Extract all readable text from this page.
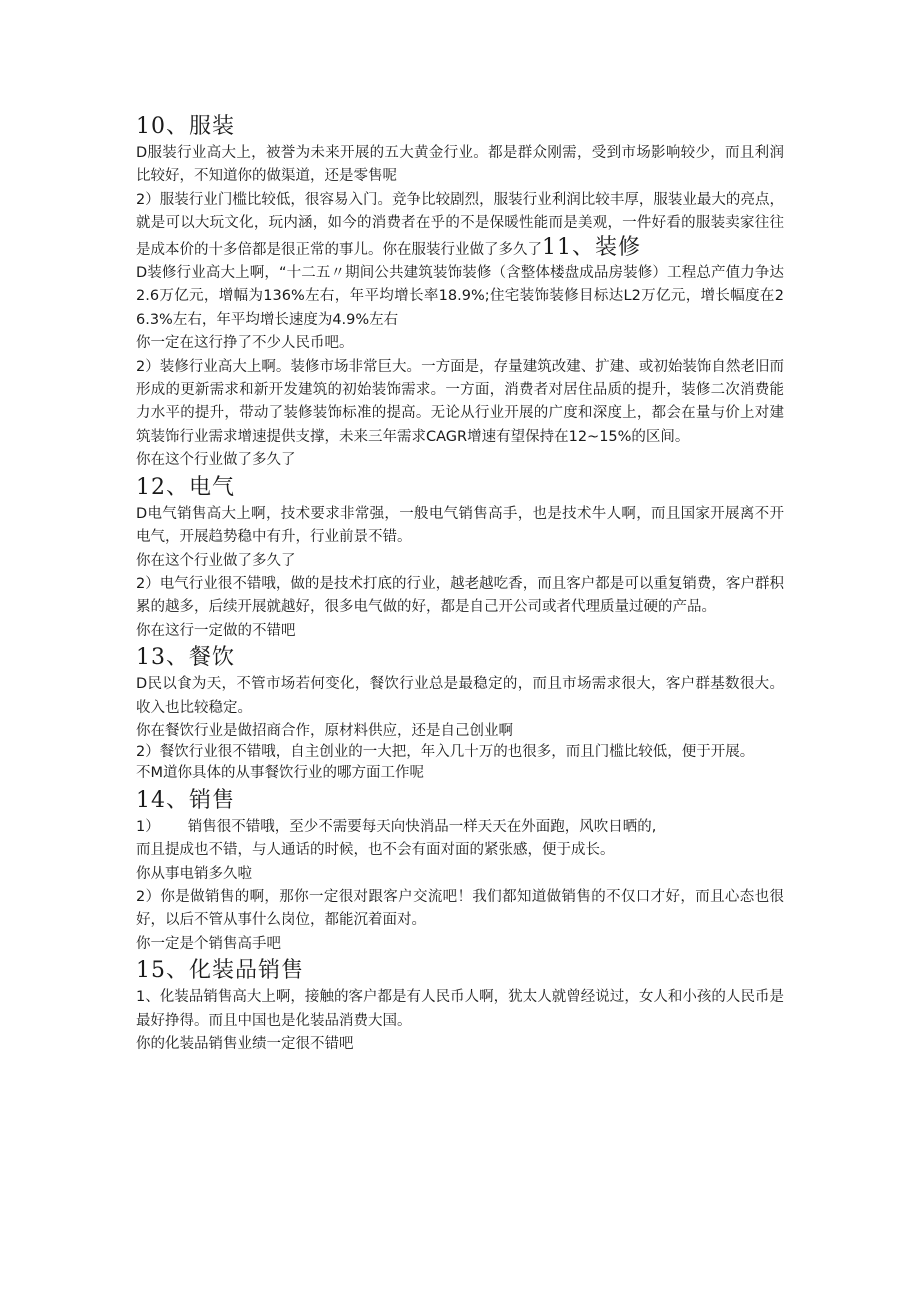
10、服装

D服装行业高大上，被誉为未来开展的五大黄金行业。都是群众刚需，受到市场影响较少，而且利润比较好，不知道你的做渠道，还是零售呢

2）服装行业门槛比较低，很容易入门。竞争比较剧烈，服装行业利润比较丰厚，服装业最大的亮点，就是可以大玩文化，玩内涵，如今的消费者在乎的不是保暖性能而是美观，一件好看的服装卖家往往是成本价的十多倍都是很正常的事儿。你在服装行业做了多久了11、装修

D装修行业高大上啊，“十二五〃期间公共建筑装饰装修（含整体楼盘成品房装修）工程总产值力争达2.6万亿元，增幅为136%左右，年平均增长率18.9%;住宅装饰装修目标达L2万亿元，增长幅度在26.3%左右，年平均增长速度为4.9%左右

你一定在这行挣了不少人民币吧。

2）装修行业高大上啊。装修市场非常巨大。一方面是，存量建筑改建、扩建、或初始装饰自然老旧而形成的更新需求和新开发建筑的初始装饰需求。一方面，消费者对居住品质的提升，装修二次消费能力水平的提升，带动了装修装饰标准的提高。无论从行业开展的广度和深度上，都会在量与价上对建筑装饰行业需求增速提供支撑，未来三年需求CAGR增速有望保持在12~15%的区间。

你在这个行业做了多久了

12、电气

D电气销售高大上啊，技术要求非常强，一般电气销售高手，也是技术牛人啊，而且国家开展离不开电气，开展趋势稳中有升，行业前景不错。

你在这个行业做了多久了

2）电气行业很不错哦，做的是技术打底的行业，越老越吃香，而且客户都是可以重复销费，客户群积累的越多，后续开展就越好，很多电气做的好，都是自己开公司或者代理质量过硬的产品。

你在这行一定做的不错吧

13、餐饮

D民以食为天，不管市场若何变化，餐饮行业总是最稳定的，而且市场需求很大，客户群基数很大。收入也比较稳定。

你在餐饮行业是做招商合作，原材料供应，还是自己创业啊

2）餐饮行业很不错哦，自主创业的一大把，年入几十万的也很多，而且门槛比较低，便于开展。

不M道你具体的从事餐饮行业的哪方面工作呢

14、销售

1） 销售很不错哦，至少不需要每天向快消品一样天天在外面跑，风吹日晒的,

而且提成也不错，与人通话的时候，也不会有面对面的紧张感，便于成长。

你从事电销多久啦

2）你是做销售的啊，那你一定很对跟客户交流吧！我们都知道做销售的不仅口才好，而且心态也很好，以后不管从事什么岗位，都能沉着面对。

你一定是个销售高手吧

15、化装品销售

1、化装品销售高大上啊，接触的客户都是有人民币人啊，犹太人就曾经说过，女人和小孩的人民币是最好挣得。而且中国也是化装品消费大国。

你的化装品销售业绩一定很不错吧
